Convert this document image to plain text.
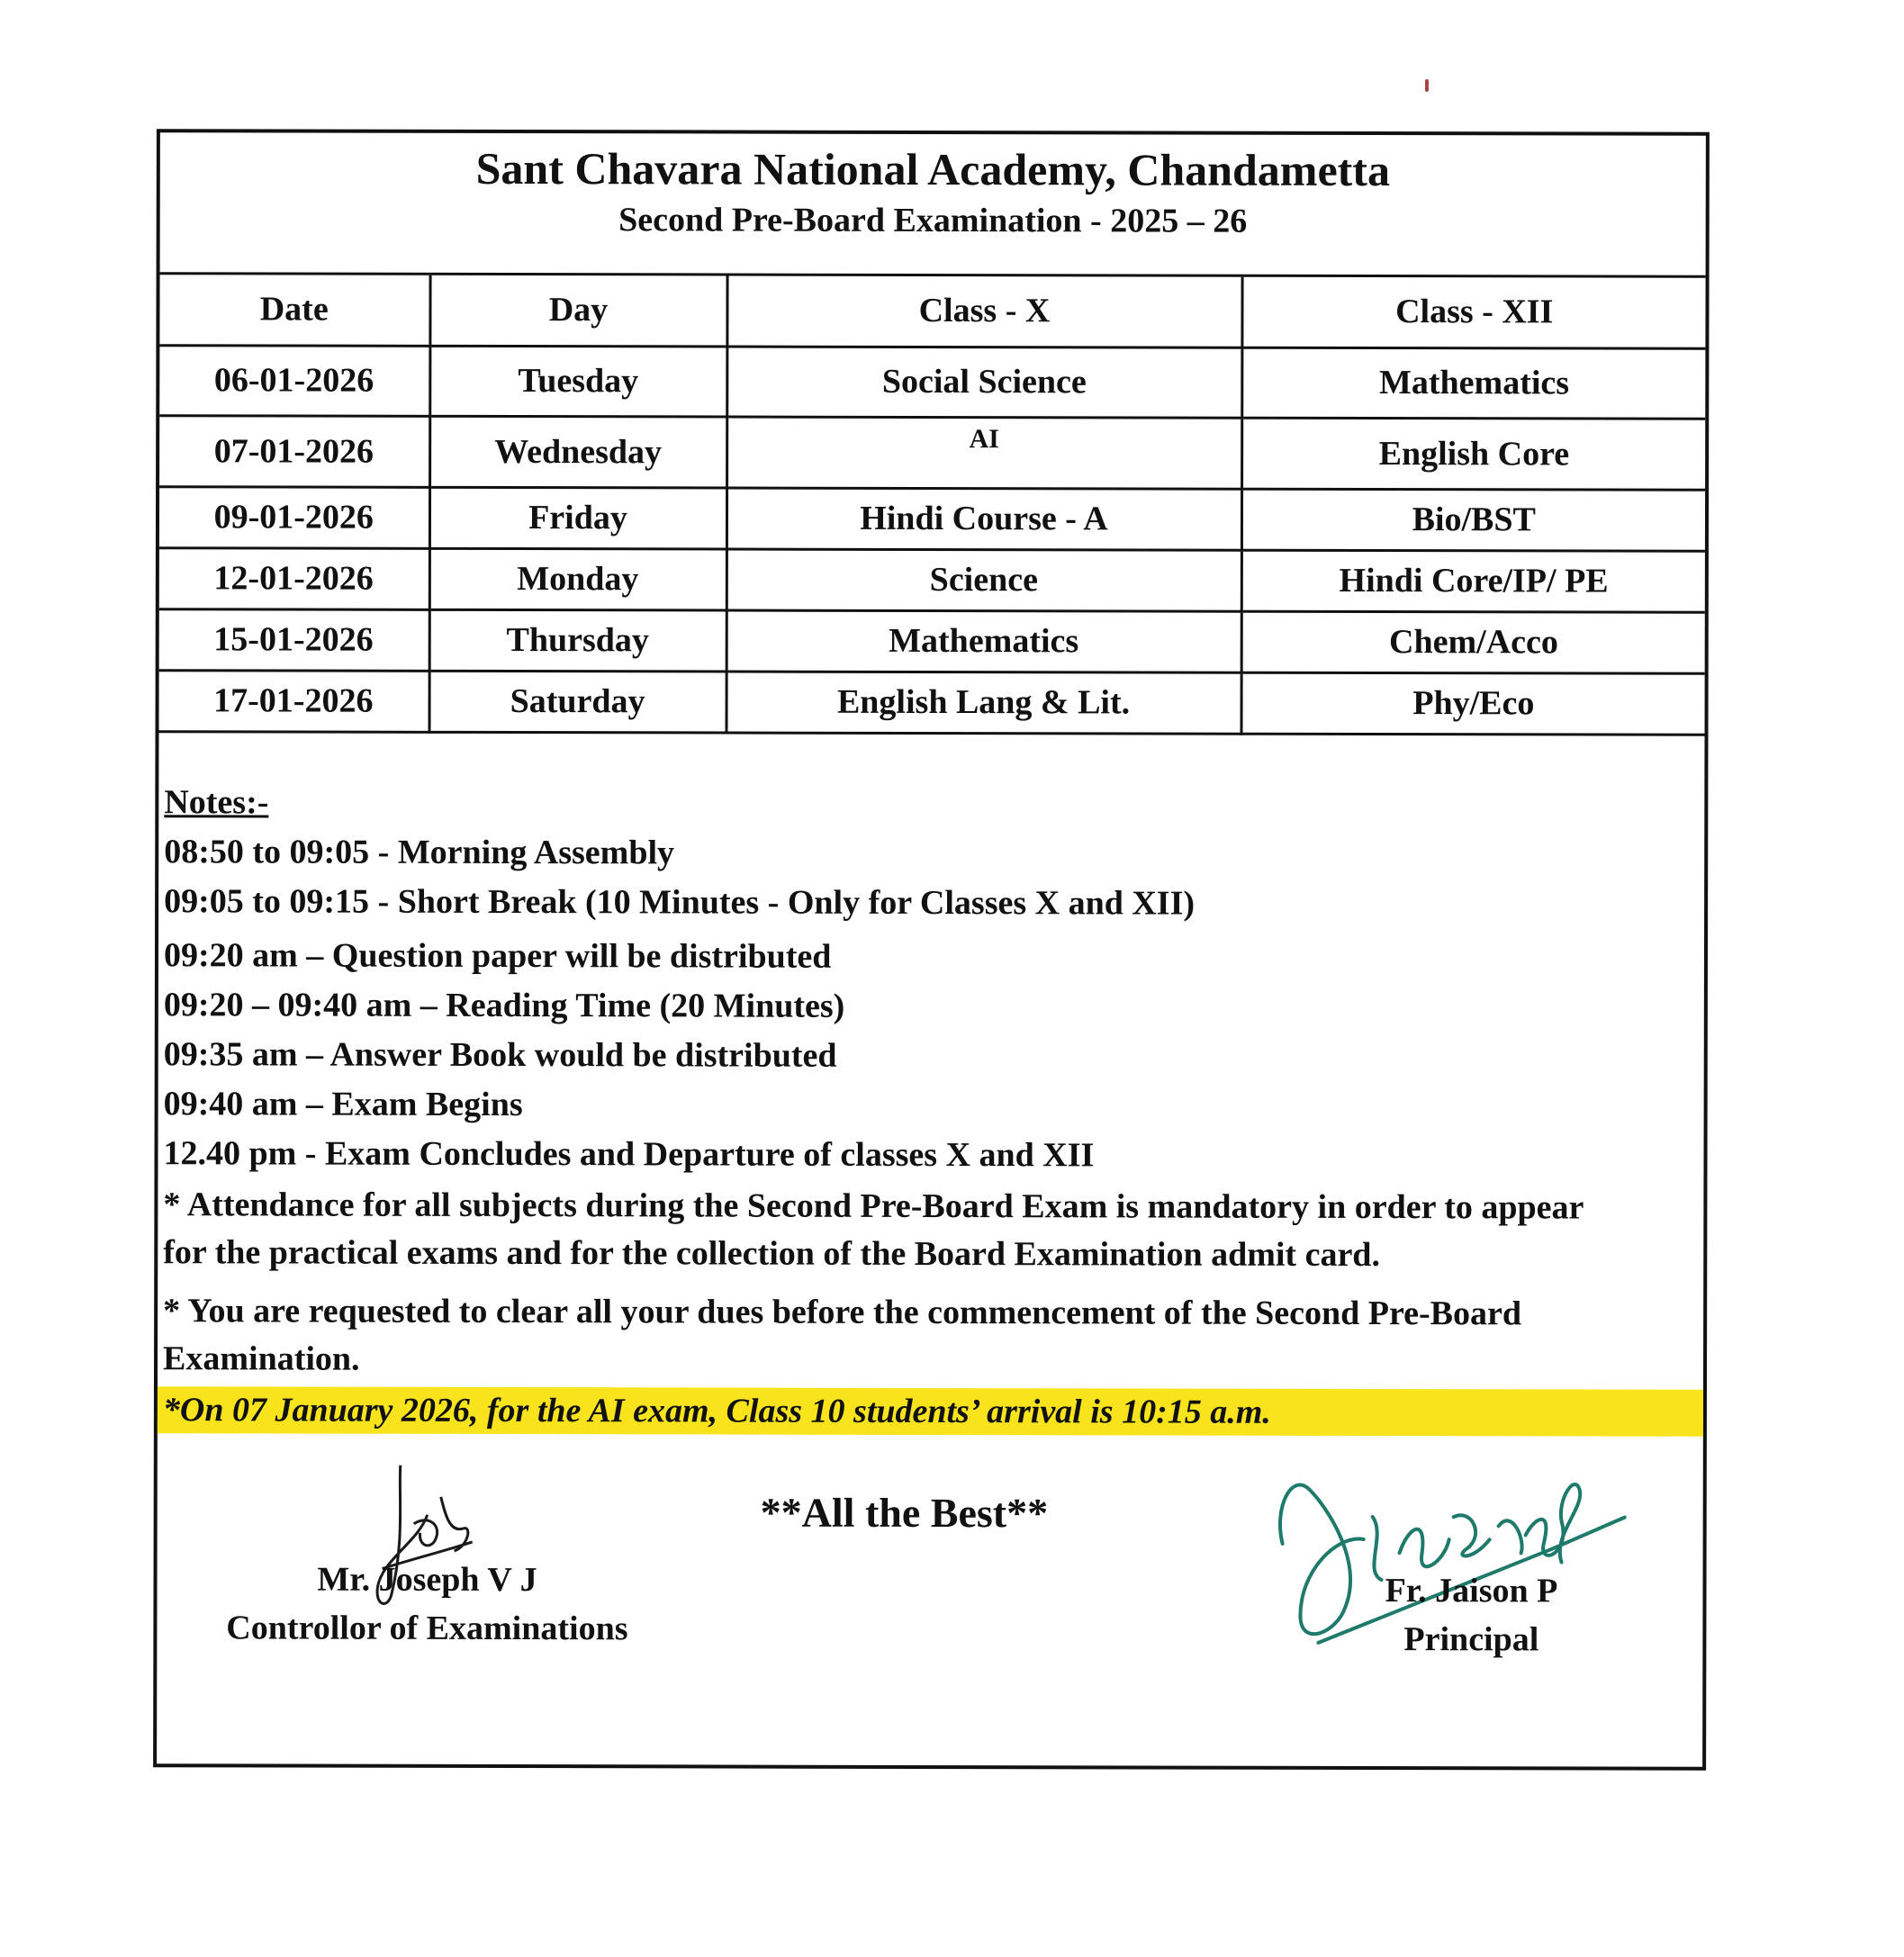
Sant Chavara National Academy, Chandametta
Second Pre-Board Examination - 2025 – 26
Date	Day	Class - X	Class - XII
06-01-2026	Tuesday	Social Science	Mathematics
07-01-2026	Wednesday	AI	English Core
09-01-2026	Friday	Hindi Course - A	Bio/BST
12-01-2026	Monday	Science	Hindi Core/IP/ PE
15-01-2026	Thursday	Mathematics	Chem/Acco
17-01-2026	Saturday	English Lang & Lit.	Phy/Eco
Notes:-
08:50 to 09:05 - Morning Assembly
09:05 to 09:15 - Short Break (10 Minutes - Only for Classes X and XII)
09:20 am – Question paper will be distributed
09:20 – 09:40 am – Reading Time (20 Minutes)
09:35 am – Answer Book would be distributed
09:40 am – Exam Begins
12.40 pm - Exam Concludes and Departure of classes X and XII
* Attendance for all subjects during the Second Pre-Board Exam is mandatory in order to appear for the practical exams and for the collection of the Board Examination admit card.
* You are requested to clear all your dues before the commencement of the Second Pre-Board Examination.
*On 07 January 2026, for the AI exam, Class 10 students’ arrival is 10:15 a.m.
**All the Best**
Mr. Joseph V J
Controllor of Examinations
Fr. Jaison P
Principal
